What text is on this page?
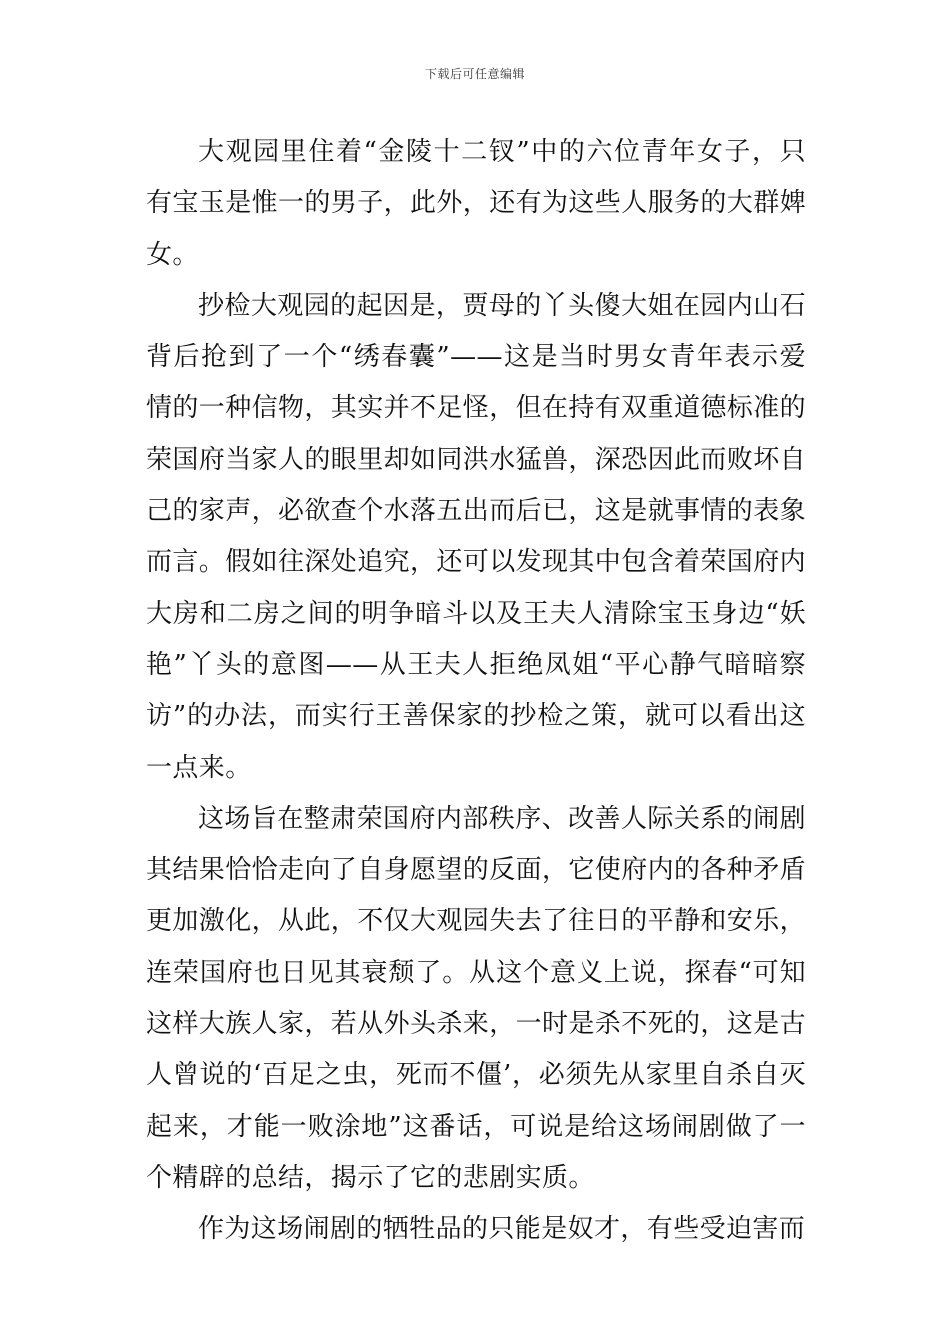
下载后可任意编辑

大观园里住着“金陵十二钗”中的六位青年女子，只有宝玉是惟一的男子，此外，还有为这些人服务的大群婢女。

抄检大观园的起因是，贾母的丫头傻大姐在园内山石背后抢到了一个“绣春囊”——这是当时男女青年表示爱情的一种信物，其实并不足怪，但在持有双重道德标准的荣国府当家人的眼里却如同洪水猛兽，深恐因此而败坏自己的家声，必欲查个水落五出而后已，这是就事情的表象而言。假如往深处追究，还可以发现其中包含着荣国府内大房和二房之间的明争暗斗以及王夫人清除宝玉身边“妖艳”丫头的意图——从王夫人拒绝凤姐“平心静气暗暗察访”的办法，而实行王善保家的抄检之策，就可以看出这一点来。

这场旨在整肃荣国府内部秩序、改善人际关系的闹剧其结果恰恰走向了自身愿望的反面，它使府内的各种矛盾更加激化，从此，不仅大观园失去了往日的平静和安乐，连荣国府也日见其衰颓了。从这个意义上说，探春“可知这样大族人家，若从外头杀来，一时是杀不死的，这是古人曾说的‘百足之虫，死而不僵’，必须先从家里自杀自灭起来，才能一败涂地”这番话，可说是给这场闹剧做了一个精辟的总结，揭示了它的悲剧实质。

作为这场闹剧的牺牲品的只能是奴才，有些受迫害而
